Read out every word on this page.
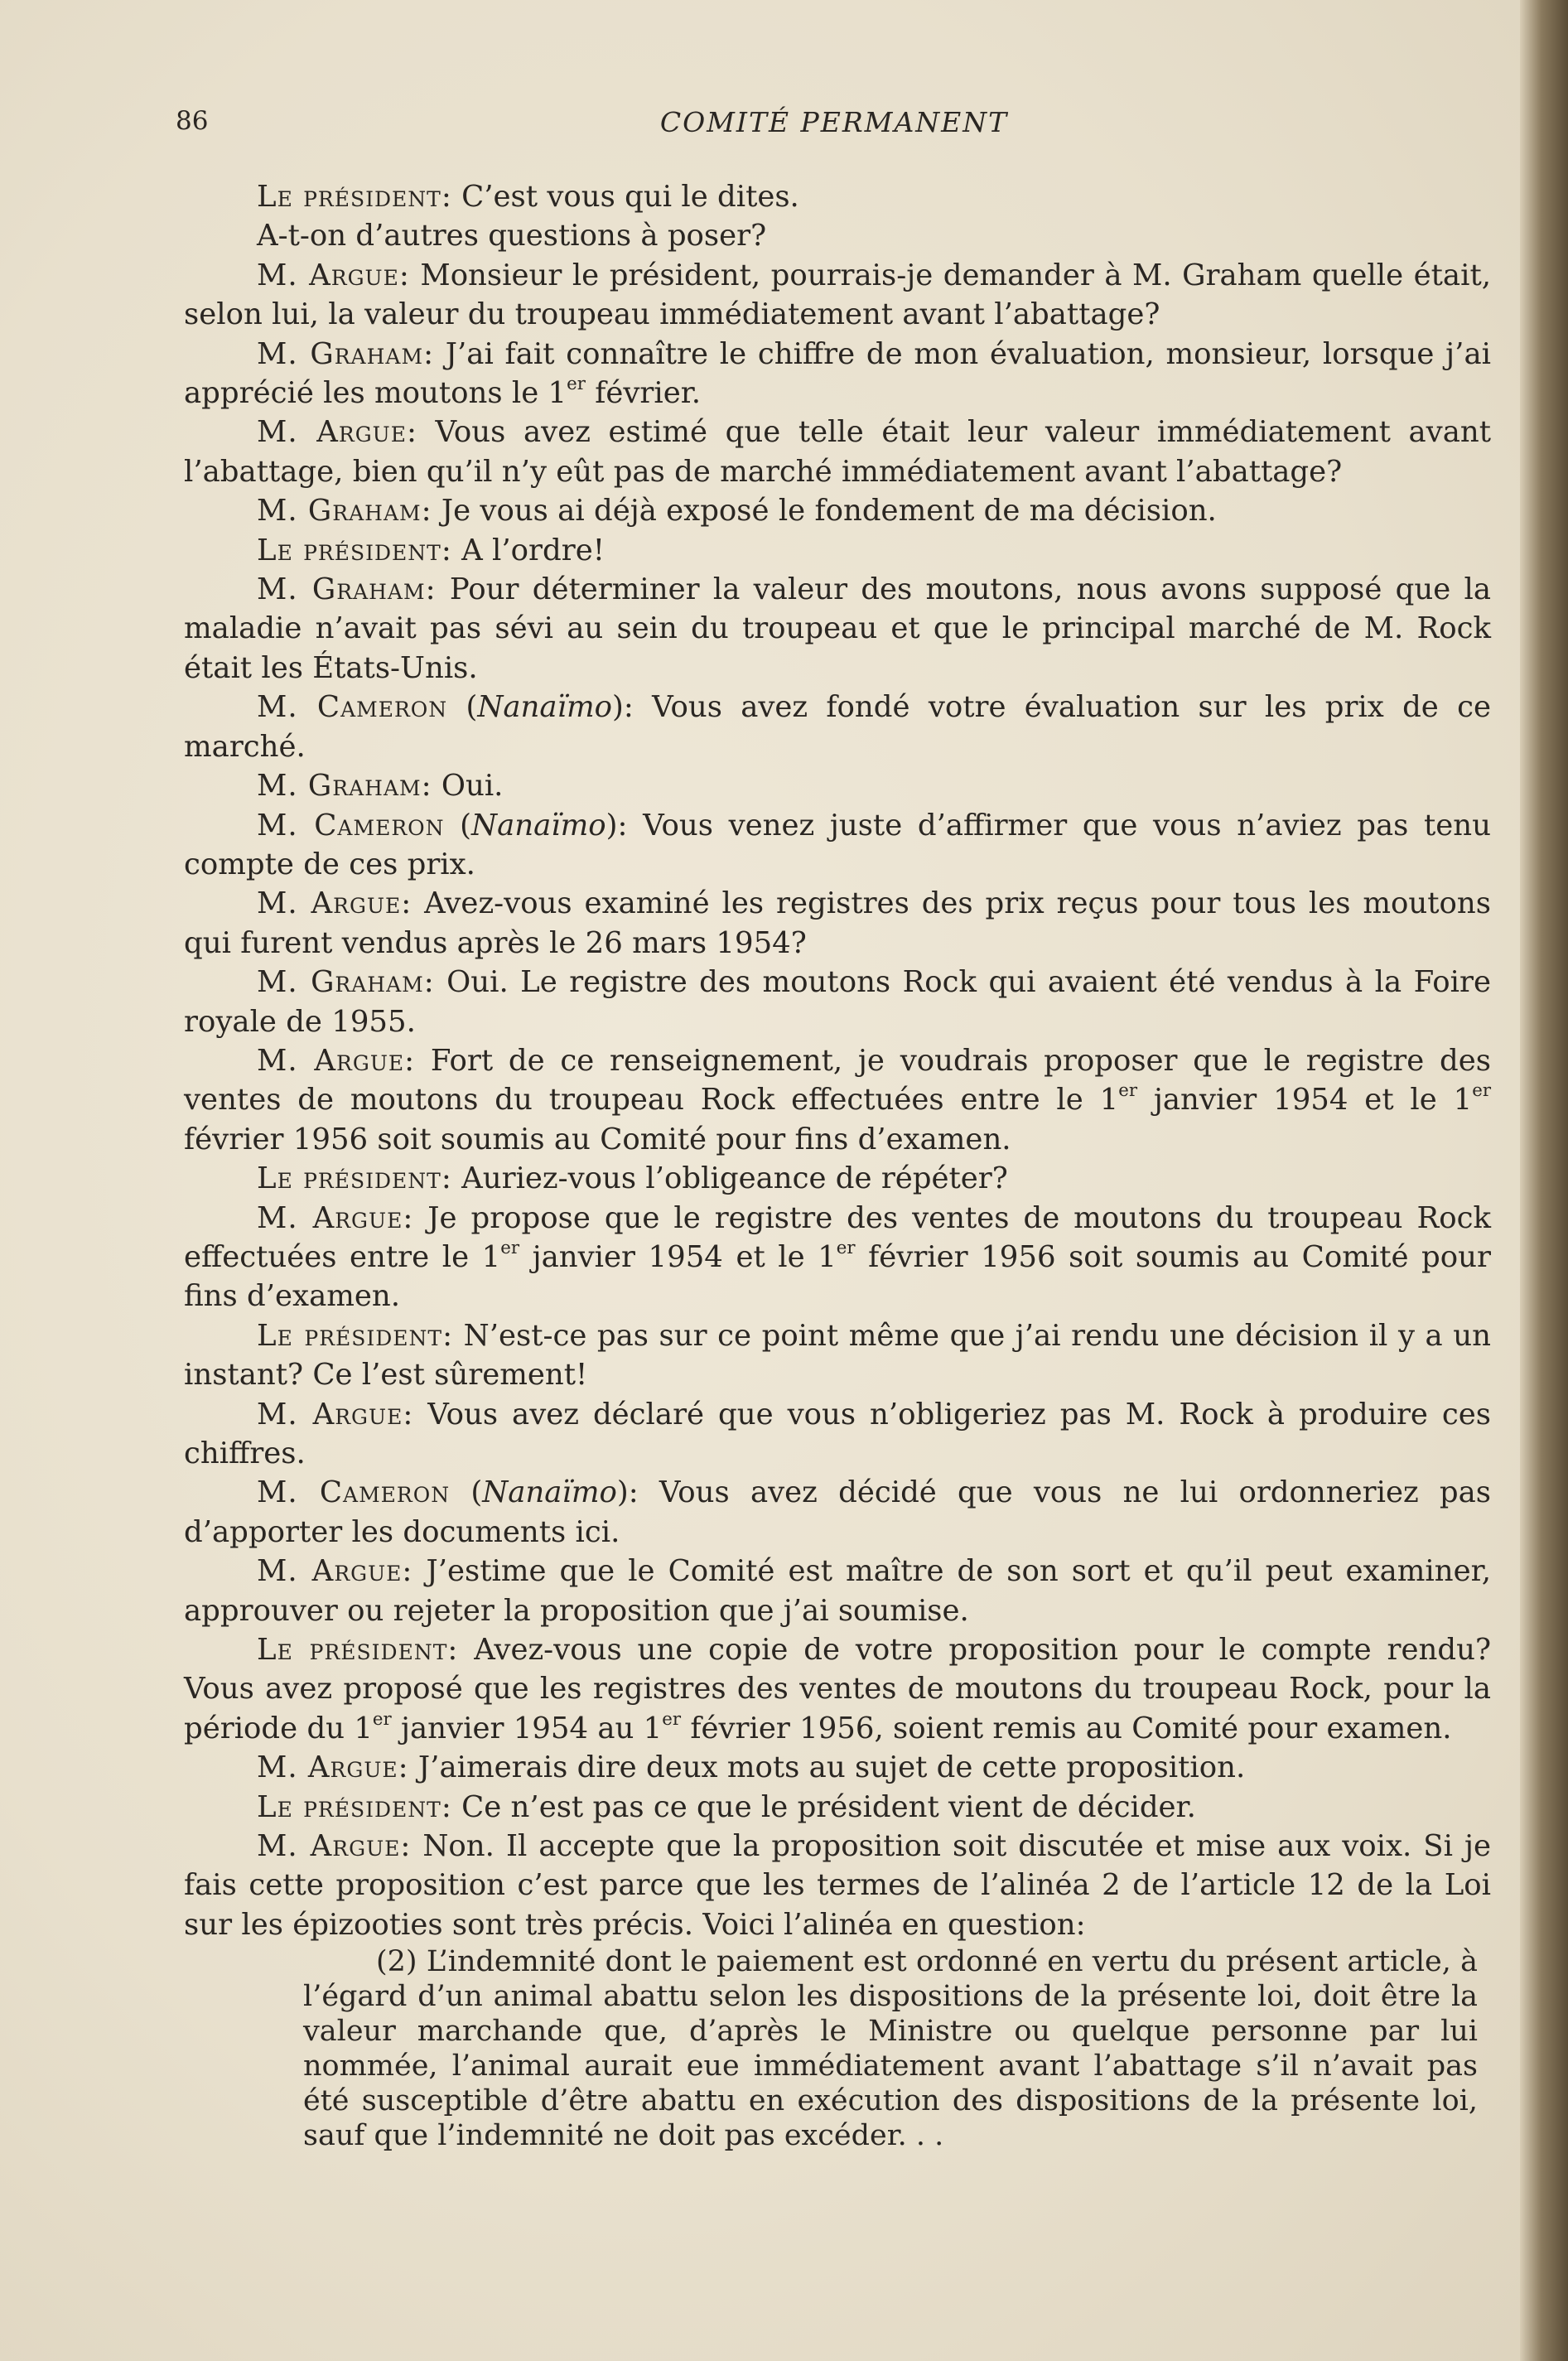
86	COMITÉ PERMANENT

Le président: C’est vous qui le dites.

A-t-on d’autres questions à poser?

M. Argue: Monsieur le président, pourrais-je demander à M. Graham quelle était, selon lui, la valeur du troupeau immédiatement avant l’abattage?

M. Graham: J’ai fait connaître le chiffre de mon évaluation, monsieur, lorsque j’ai apprécié les moutons le 1er février.

M. Argue: Vous avez estimé que telle était leur valeur immédiatement avant l’abattage, bien qu’il n’y eût pas de marché immédiatement avant l’abattage?

M. Graham: Je vous ai déjà exposé le fondement de ma décision.

Le président: A l’ordre!

M. Graham: Pour déterminer la valeur des moutons, nous avons supposé que la maladie n’avait pas sévi au sein du troupeau et que le principal marché de M. Rock était les États-Unis.

M. Cameron (Nanaïmo): Vous avez fondé votre évaluation sur les prix de ce marché.

M. Graham: Oui.

M. Cameron (Nanaïmo): Vous venez juste d’affirmer que vous n’aviez pas tenu compte de ces prix.

M. Argue: Avez-vous examiné les registres des prix reçus pour tous les moutons qui furent vendus après le 26 mars 1954?

M. Graham: Oui. Le registre des moutons Rock qui avaient été vendus à la Foire royale de 1955.

M. Argue: Fort de ce renseignement, je voudrais proposer que le registre des ventes de moutons du troupeau Rock effectuées entre le 1er janvier 1954 et le 1er février 1956 soit soumis au Comité pour fins d’examen.

Le président: Auriez-vous l’obligeance de répéter?

M. Argue: Je propose que le registre des ventes de moutons du troupeau Rock effectuées entre le 1er janvier 1954 et le 1er février 1956 soit soumis au Comité pour fins d’examen.

Le président: N’est-ce pas sur ce point même que j’ai rendu une décision il y a un instant? Ce l’est sûrement!

M. Argue: Vous avez déclaré que vous n’obligeriez pas M. Rock à produire ces chiffres.

M. Cameron (Nanaïmo): Vous avez décidé que vous ne lui ordonneriez pas d’apporter les documents ici.

M. Argue: J’estime que le Comité est maître de son sort et qu’il peut examiner, approuver ou rejeter la proposition que j’ai soumise.

Le président: Avez-vous une copie de votre proposition pour le compte rendu? Vous avez proposé que les registres des ventes de moutons du troupeau Rock, pour la période du 1er janvier 1954 au 1er février 1956, soient remis au Comité pour examen.

M. Argue: J’aimerais dire deux mots au sujet de cette proposition.

Le président: Ce n’est pas ce que le président vient de décider.

M. Argue: Non. Il accepte que la proposition soit discutée et mise aux voix. Si je fais cette proposition c’est parce que les termes de l’alinéa 2 de l’article 12 de la Loi sur les épizooties sont très précis. Voici l’alinéa en question:

(2) L’indemnité dont le paiement est ordonné en vertu du présent article, à l’égard d’un animal abattu selon les dispositions de la présente loi, doit être la valeur marchande que, d’après le Ministre ou quelque personne par lui nommée, l’animal aurait eue immédiatement avant l’abattage s’il n’avait pas été susceptible d’être abattu en exécution des dispositions de la présente loi, sauf que l’indemnité ne doit pas excéder. . .
